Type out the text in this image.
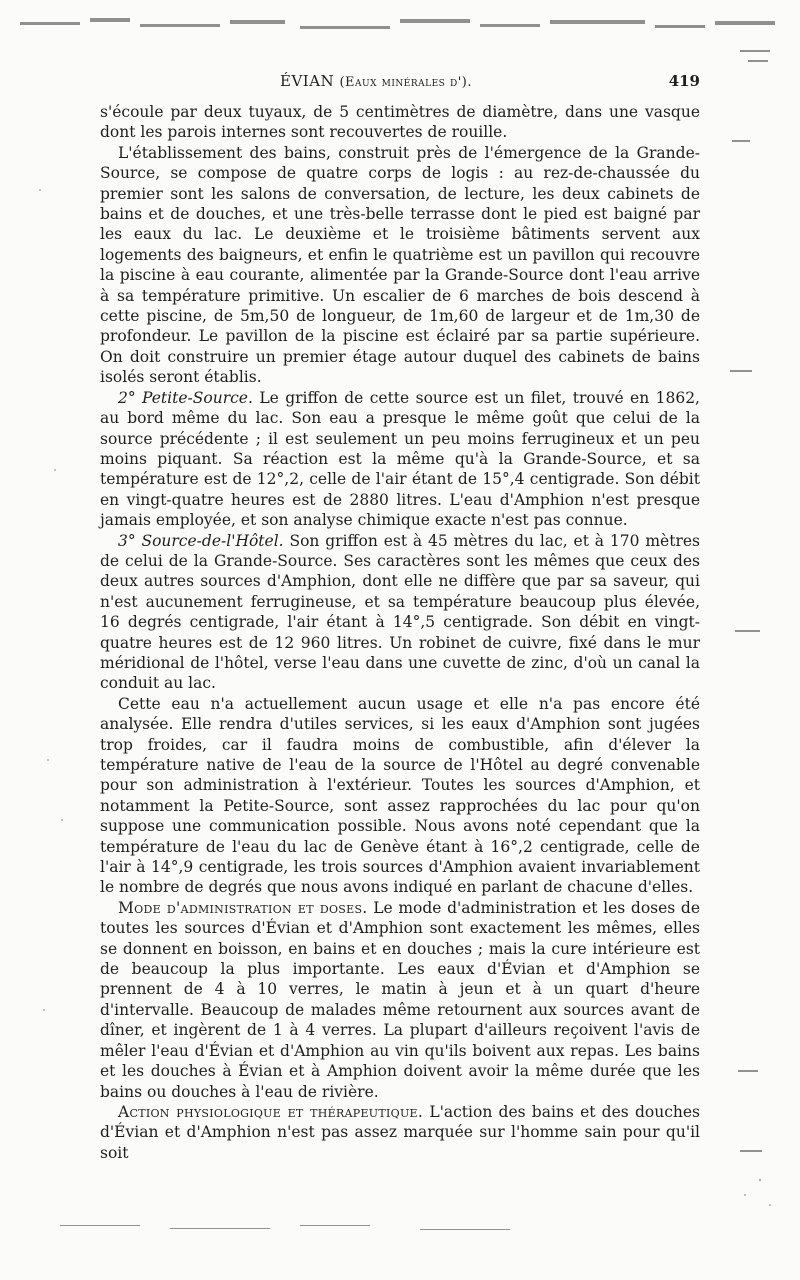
ÉVIAN (Eaux minérales d').	419

s'écoule par deux tuyaux, de 5 centimètres de diamètre, dans une vasque dont les parois internes sont recouvertes de rouille.

L'établissement des bains, construit près de l'émergence de la Grande-Source, se compose de quatre corps de logis : au rez-de-chaussée du premier sont les salons de conversation, de lecture, les deux cabinets de bains et de douches, et une très-belle terrasse dont le pied est baigné par les eaux du lac. Le deuxième et le troisième bâtiments servent aux logements des baigneurs, et enfin le quatrième est un pavillon qui recouvre la piscine à eau courante, alimentée par la Grande-Source dont l'eau arrive à sa température primitive. Un escalier de 6 marches de bois descend à cette piscine, de 5m,50 de longueur, de 1m,60 de largeur et de 1m,30 de profondeur. Le pavillon de la piscine est éclairé par sa partie supérieure. On doit construire un premier étage autour duquel des cabinets de bains isolés seront établis.

2° Petite-Source. Le griffon de cette source est un filet, trouvé en 1862, au bord même du lac. Son eau a presque le même goût que celui de la source précédente ; il est seulement un peu moins ferrugineux et un peu moins piquant. Sa réaction est la même qu'à la Grande-Source, et sa température est de 12°,2, celle de l'air étant de 15°,4 centigrade. Son débit en vingt-quatre heures est de 2880 litres. L'eau d'Amphion n'est presque jamais employée, et son analyse chimique exacte n'est pas connue.

3° Source-de-l'Hôtel. Son griffon est à 45 mètres du lac, et à 170 mètres de celui de la Grande-Source. Ses caractères sont les mêmes que ceux des deux autres sources d'Amphion, dont elle ne diffère que par sa saveur, qui n'est aucunement ferrugineuse, et sa température beaucoup plus élevée, 16 degrés centigrade, l'air étant à 14°,5 centigrade. Son débit en vingt-quatre heures est de 12 960 litres. Un robinet de cuivre, fixé dans le mur méridional de l'hôtel, verse l'eau dans une cuvette de zinc, d'où un canal la conduit au lac.

Cette eau n'a actuellement aucun usage et elle n'a pas encore été analysée. Elle rendra d'utiles services, si les eaux d'Amphion sont jugées trop froides, car il faudra moins de combustible, afin d'élever la température native de l'eau de la source de l'Hôtel au degré convenable pour son administration à l'extérieur. Toutes les sources d'Amphion, et notamment la Petite-Source, sont assez rapprochées du lac pour qu'on suppose une communication possible. Nous avons noté cependant que la température de l'eau du lac de Genève étant à 16°,2 centigrade, celle de l'air à 14°,9 centigrade, les trois sources d'Amphion avaient invariablement le nombre de degrés que nous avons indiqué en parlant de chacune d'elles.

Mode d'administration et doses. Le mode d'administration et les doses de toutes les sources d'Évian et d'Amphion sont exactement les mêmes, elles se donnent en boisson, en bains et en douches ; mais la cure intérieure est de beaucoup la plus importante. Les eaux d'Évian et d'Amphion se prennent de 4 à 10 verres, le matin à jeun et à un quart d'heure d'intervalle. Beaucoup de malades même retournent aux sources avant de dîner, et ingèrent de 1 à 4 verres. La plupart d'ailleurs reçoivent l'avis de mêler l'eau d'Évian et d'Amphion au vin qu'ils boivent aux repas. Les bains et les douches à Évian et à Amphion doivent avoir la même durée que les bains ou douches à l'eau de rivière.

Action physiologique et thérapeutique. L'action des bains et des douches d'Évian et d'Amphion n'est pas assez marquée sur l'homme sain pour qu'il soit
